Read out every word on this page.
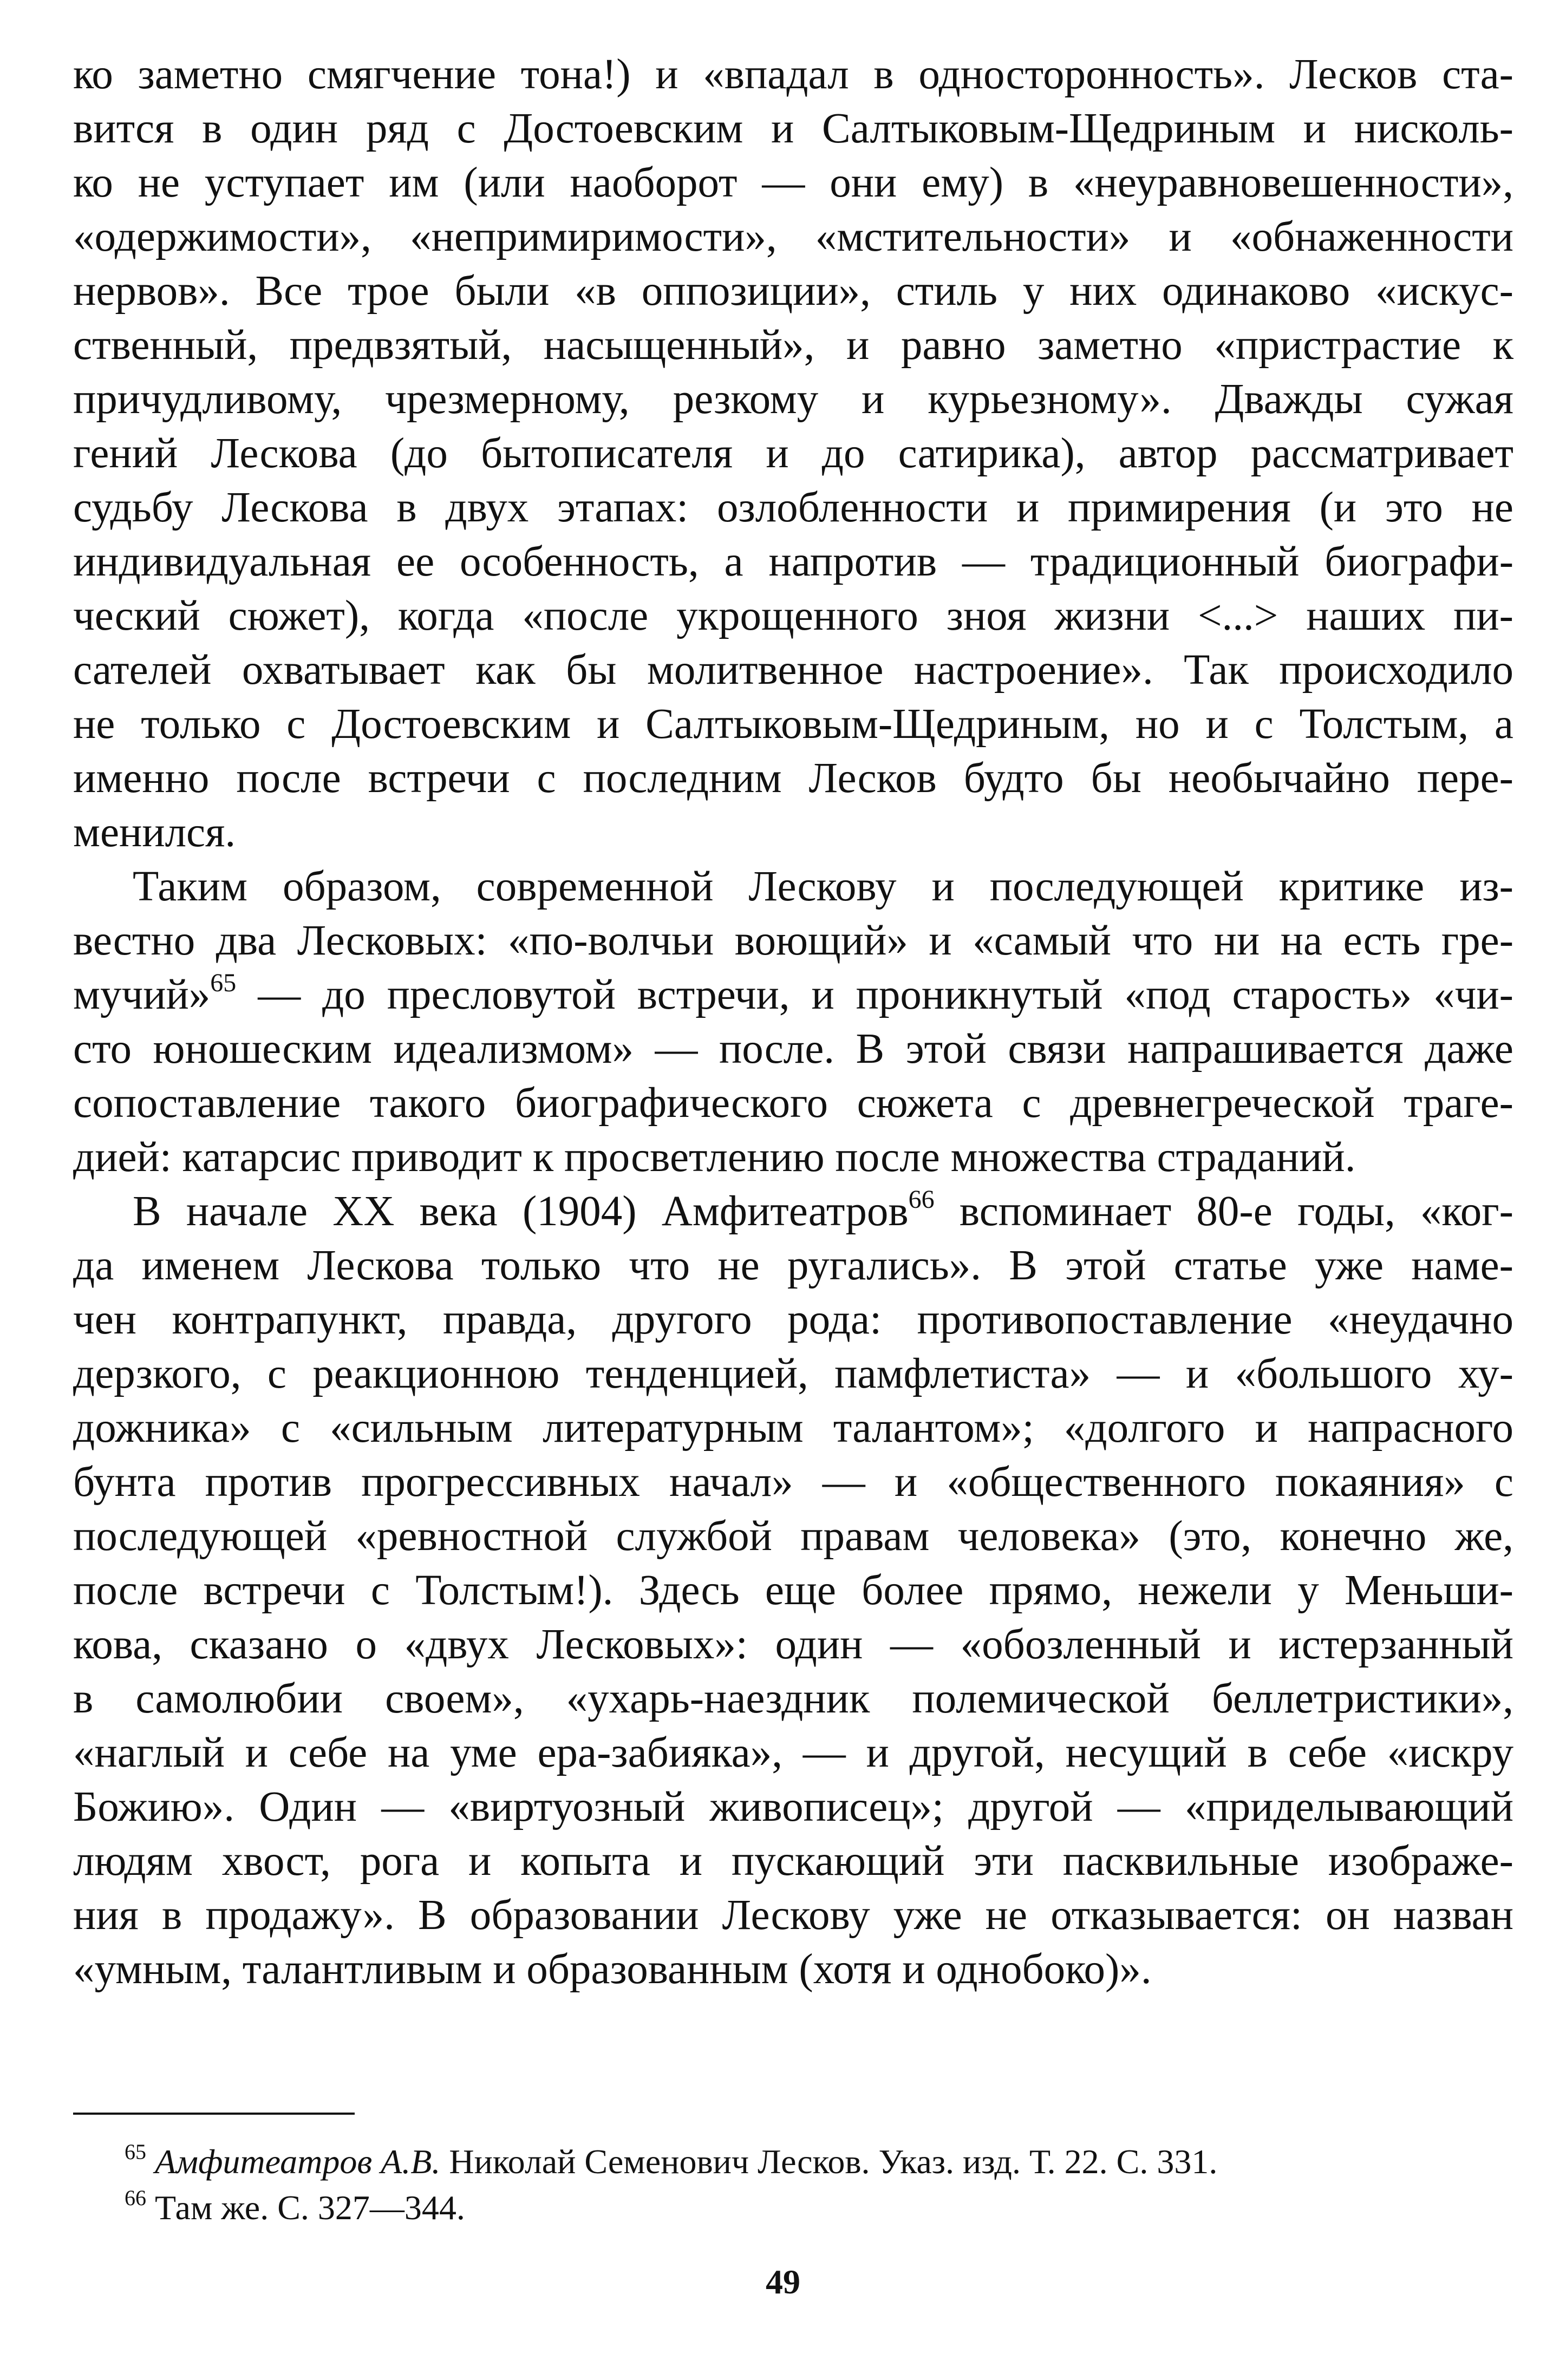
ко заметно смягчение тона!) и «впадал в односторонность». Лесков ста-
вится в один ряд с Достоевским и Салтыковым-Щедриным и нисколь-
ко не уступает им (или наоборот — они ему) в «неуравновешенности»,
«одержимости», «непримиримости», «мстительности» и «обнаженности
нервов». Все трое были «в оппозиции», стиль у них одинаково «искус-
ственный, предвзятый, насыщенный», и равно заметно «пристрастие к
причудливому, чрезмерному, резкому и курьезному». Дважды сужая
гений Лескова (до бытописателя и до сатирика), автор рассматривает
судьбу Лескова в двух этапах: озлобленности и примирения (и это не
индивидуальная ее особенность, а напротив — традиционный биографи-
ческий сюжет), когда «после укрощенного зноя жизни <...> наших пи-
сателей охватывает как бы молитвенное настроение». Так происходило
не только с Достоевским и Салтыковым-Щедриным, но и с Толстым, а
именно после встречи с последним Лесков будто бы необычайно пере-
менился.
Таким образом, современной Лескову и последующей критике из-
вестно два Лесковых: «по-волчьи воющий» и «самый что ни на есть гре-
мучий»$^{65}$ — до пресловутой встречи, и проникнутый «под старость» «чи-
сто юношеским идеализмом» — после. В этой связи напрашивается даже
сопоставление такого биографического сюжета с древнегреческой траге-
дией: катарсис приводит к просветлению после множества страданий.
В начале XX века (1904) Амфитеатров$^{66}$ вспоминает 80-е годы, «ког-
да именем Лескова только что не ругались». В этой статье уже наме-
чен контрапункт, правда, другого рода: противопоставление «неудачно
дерзкого, с реакционною тенденцией, памфлетиста» — и «большого ху-
дожника» с «сильным литературным талантом»; «долгого и напрасного
бунта против прогрессивных начал» — и «общественного покаяния» с
последующей «ревностной службой правам человека» (это, конечно же,
после встречи с Толстым!). Здесь еще более прямо, нежели у Меньши-
кова, сказано о «двух Лесковых»: один — «обозленный и истерзанный
в самолюбии своем», «ухарь-наездник полемической беллетристики»,
«наглый и себе на уме ера-забияка», — и другой, несущий в себе «искру
Божию». Один — «виртуозный живописец»; другой — «приделывающий
людям хвост, рога и копыта и пускающий эти пасквильные изображе-
ния в продажу». В образовании Лескову уже не отказывается: он назван
«умным, талантливым и образованным (хотя и однобоко)».
$^{65}$ Амфитеатров А.В. Николай Семенович Лесков. Указ. изд. Т. 22. С. 331.
$^{66}$ Там же. С. 327—344.
49
